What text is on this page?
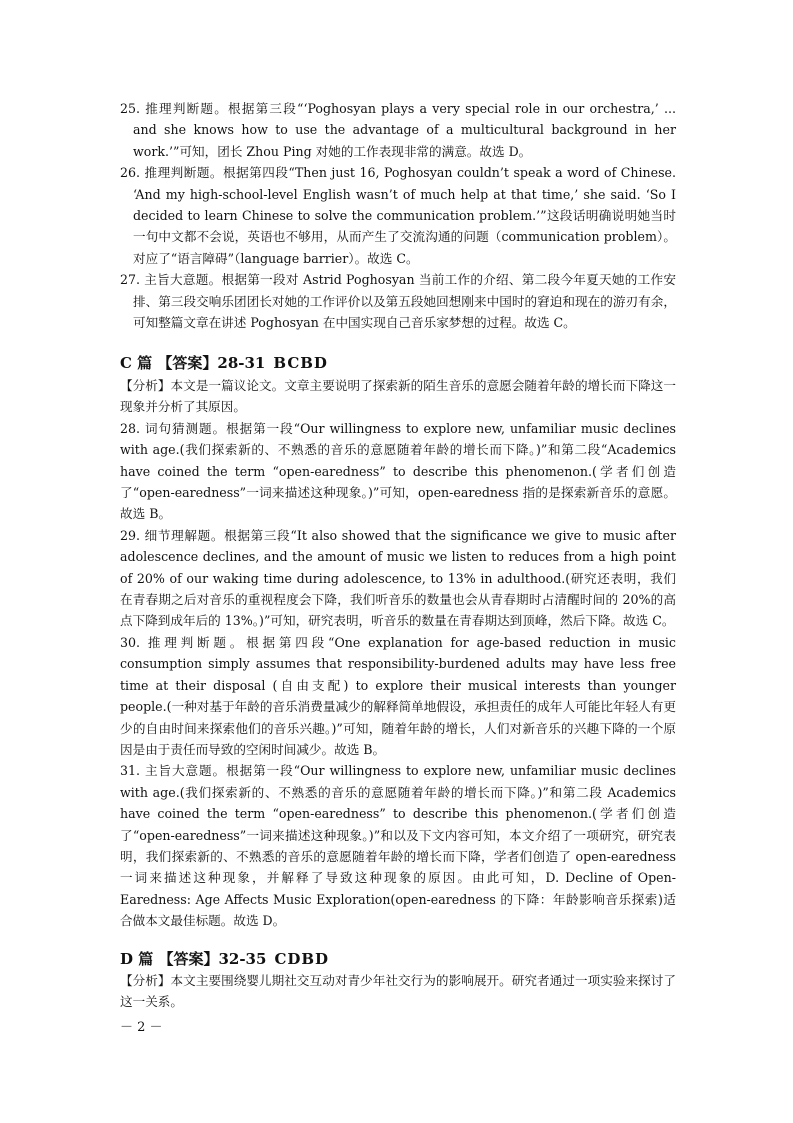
25. 推理判断题。根据第三段“‘Poghosyan plays a very special role in our orchestra,’ ... and she knows how to use the advantage of a multicultural background in her work.’”可知，团长 Zhou Ping 对她的工作表现非常的满意。故选 D。

26. 推理判断题。根据第四段“Then just 16, Poghosyan couldn’t speak a word of Chinese. ‘And my high-school-level English wasn’t of much help at that time,’ she said. ‘So I decided to learn Chinese to solve the communication problem.’”这段话明确说明她当时一句中文都不会说，英语也不够用，从而产生了交流沟通的问题（communication problem）。对应了“语言障碍”（language barrier）。故选 C。

27. 主旨大意题。根据第一段对 Astrid Poghosyan 当前工作的介绍、第二段今年夏天她的工作安排、第三段交响乐团团长对她的工作评价以及第五段她回想刚来中国时的窘迫和现在的游刃有余，可知整篇文章在讲述 Poghosyan 在中国实现自己音乐家梦想的过程。故选 C。

C 篇 【答案】28-31 BCBD

【分析】本文是一篇议论文。文章主要说明了探索新的陌生音乐的意愿会随着年龄的增长而下降这一现象并分析了其原因。

28. 词句猜测题。根据第一段“Our willingness to explore new, unfamiliar music declines with age.(我们探索新的、不熟悉的音乐的意愿随着年龄的增长而下降。)”和第二段“Academics have coined the term “open-earedness” to describe this phenomenon.(学者们创造了“open-earedness”一词来描述这种现象。)”可知，open-earedness 指的是探索新音乐的意愿。故选 B。

29. 细节理解题。根据第三段“It also showed that the significance we give to music after adolescence declines, and the amount of music we listen to reduces from a high point of 20% of our waking time during adolescence, to 13% in adulthood.(研究还表明，我们在青春期之后对音乐的重视程度会下降，我们听音乐的数量也会从青春期时占清醒时间的 20%的高点下降到成年后的 13%。)”可知，研究表明，听音乐的数量在青春期达到顶峰，然后下降。故选 C。

30. 推理判断题。根据第四段“One explanation for age-based reduction in music consumption simply assumes that responsibility-burdened adults may have less free time at their disposal (自由支配) to explore their musical interests than younger people.(一种对基于年龄的音乐消费量减少的解释简单地假设，承担责任的成年人可能比年轻人有更少的自由时间来探索他们的音乐兴趣。)”可知，随着年龄的增长，人们对新音乐的兴趣下降的一个原因是由于责任而导致的空闲时间减少。故选 B。

31. 主旨大意题。根据第一段“Our willingness to explore new, unfamiliar music declines with age.(我们探索新的、不熟悉的音乐的意愿随着年龄的增长而下降。)”和第二段 Academics have coined the term “open-earedness” to describe this phenomenon.(学者们创造了“open-earedness”一词来描述这种现象。)”和以及下文内容可知，本文介绍了一项研究，研究表明，我们探索新的、不熟悉的音乐的意愿随着年龄的增长而下降，学者们创造了 open-earedness 一词来描述这种现象，并解释了导致这种现象的原因。由此可知，D. Decline of Open-Earedness: Age Affects Music Exploration(open-earedness 的下降：年龄影响音乐探索)适合做本文最佳标题。故选 D。

D 篇 【答案】32-35 CDBD

【分析】本文主要围绕婴儿期社交互动对青少年社交行为的影响展开。研究者通过一项实验来探讨了这一关系。

－ 2 －
